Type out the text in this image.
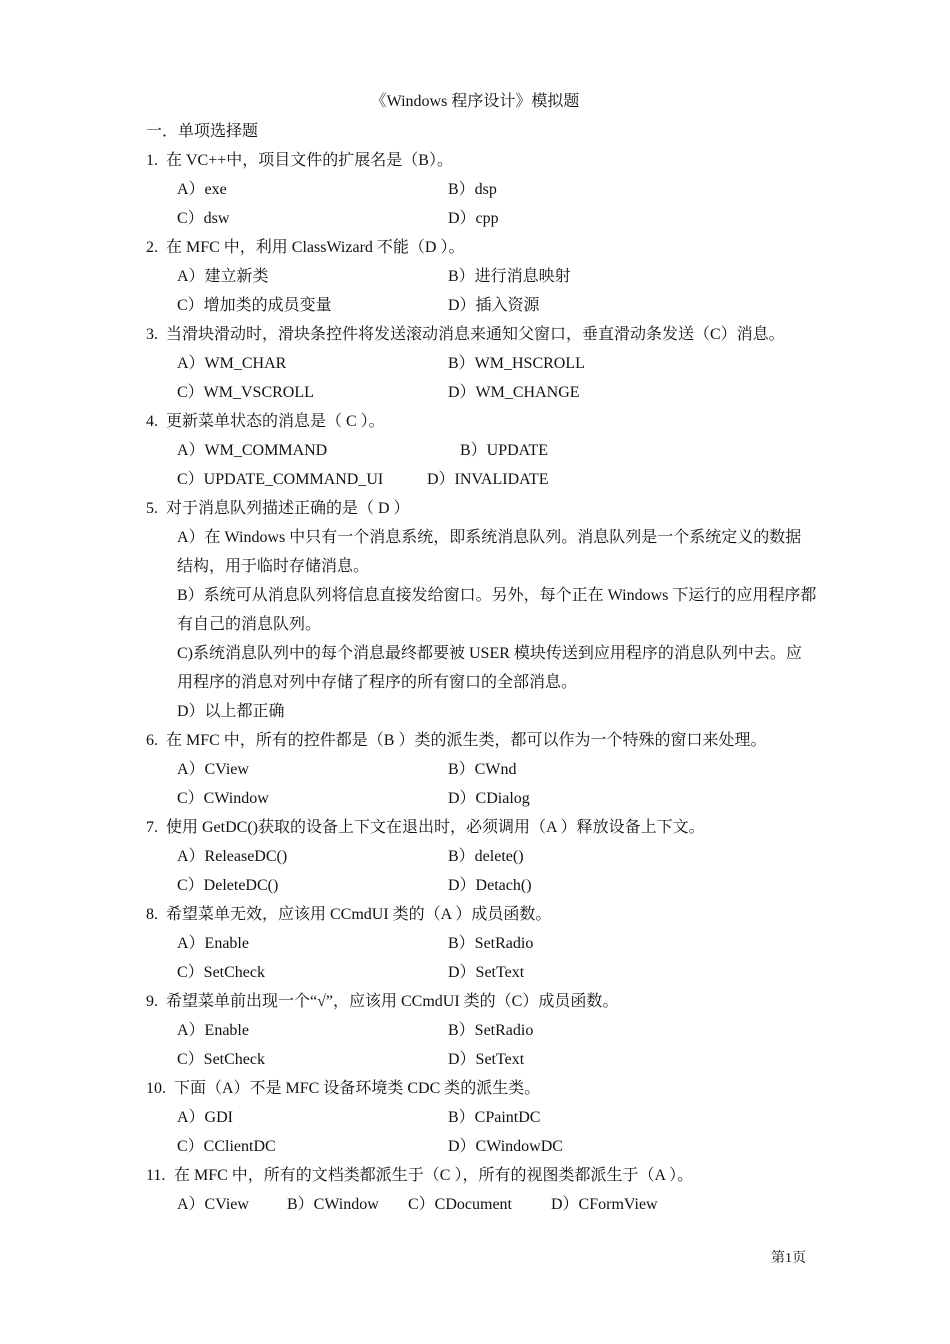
《Windows 程序设计》模拟题
一．单项选择题
1. 在 VC++中，项目文件的扩展名是（B）。
A）exe	B）dsp
C）dsw	D）cpp
2. 在 MFC 中，利用 ClassWizard 不能（D ）。
A）建立新类	B）进行消息映射
C）增加类的成员变量	D）插入资源
3. 当滑块滑动时，滑块条控件将发送滚动消息来通知父窗口，垂直滑动条发送（C）消息。
A）WM_CHAR	B）WM_HSCROLL
C）WM_VSCROLL	D）WM_CHANGE
4. 更新菜单状态的消息是（ C ）。
A）WM_COMMAND	B）UPDATE
C）UPDATE_COMMAND_UI	D）INVALIDATE
5. 对于消息队列描述正确的是（ D ）
A）在 Windows 中只有一个消息系统，即系统消息队列。消息队列是一个系统定义的数据结构，用于临时存储消息。
B）系统可从消息队列将信息直接发给窗口。另外，每个正在 Windows 下运行的应用程序都有自己的消息队列。
C)系统消息队列中的每个消息最终都要被 USER 模块传送到应用程序的消息队列中去。应用程序的消息对列中存储了程序的所有窗口的全部消息。
D）以上都正确
6. 在 MFC 中，所有的控件都是（B ）类的派生类，都可以作为一个特殊的窗口来处理。
A）CView	B）CWnd
C）CWindow	D）CDialog
7. 使用 GetDC()获取的设备上下文在退出时，必须调用（A ）释放设备上下文。
A）ReleaseDC()	B）delete()
C）DeleteDC()	D）Detach()
8. 希望菜单无效，应该用 CCmdUI 类的（A ）成员函数。
A）Enable	B）SetRadio
C）SetCheck	D）SetText
9. 希望菜单前出现一个“√”，应该用 CCmdUI 类的（C）成员函数。
A）Enable	B）SetRadio
C）SetCheck	D）SetText
10. 下面（A）不是 MFC 设备环境类 CDC 类的派生类。
A）GDI	B）CPaintDC
C）CClientDC	D）CWindowDC
11. 在 MFC 中，所有的文档类都派生于（C ），所有的视图类都派生于（A ）。
A）CView B）CWindow C）CDocument D）CFormView
第1页
